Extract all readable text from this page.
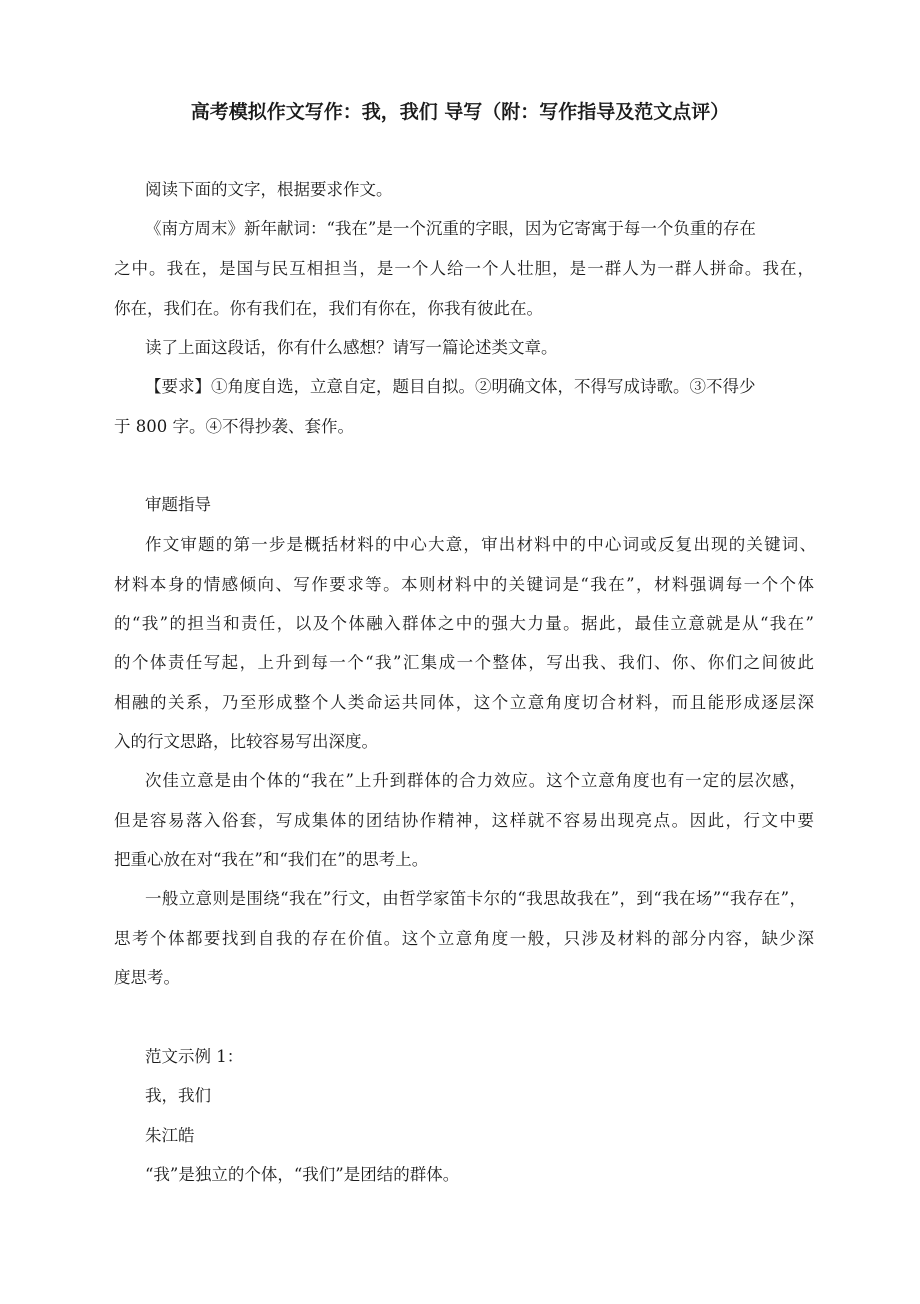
高考模拟作文写作：我，我们 导写（附：写作指导及范文点评）
阅读下面的文字，根据要求作文。
《南方周末》新年献词：“我在”是一个沉重的字眼，因为它寄寓于每一个负重的存在
之中。我在，是国与民互相担当，是一个人给一个人壮胆，是一群人为一群人拼命。我在，
你在，我们在。你有我们在，我们有你在，你我有彼此在。
读了上面这段话，你有什么感想？请写一篇论述类文章。
【要求】①角度自选，立意自定，题目自拟。②明确文体，不得写成诗歌。③不得少
于 800 字。④不得抄袭、套作。
审题指导
作文审题的第一步是概括材料的中心大意，审出材料中的中心词或反复出现的关键词、
材料本身的情感倾向、写作要求等。本则材料中的关键词是“我在”，材料强调每一个个体
的“我”的担当和责任，以及个体融入群体之中的强大力量。据此，最佳立意就是从“我在”
的个体责任写起，上升到每一个“我”汇集成一个整体，写出我、我们、你、你们之间彼此
相融的关系，乃至形成整个人类命运共同体，这个立意角度切合材料，而且能形成逐层深
入的行文思路，比较容易写出深度。
次佳立意是由个体的“我在”上升到群体的合力效应。这个立意角度也有一定的层次感，
但是容易落入俗套，写成集体的团结协作精神，这样就不容易出现亮点。因此，行文中要
把重心放在对“我在”和“我们在”的思考上。
一般立意则是围绕“我在”行文，由哲学家笛卡尔的“我思故我在”，到“我在场”“我存在”，
思考个体都要找到自我的存在价值。这个立意角度一般，只涉及材料的部分内容，缺少深
度思考。
范文示例 1：
我，我们
朱江皓
“我”是独立的个体，“我们”是团结的群体。
